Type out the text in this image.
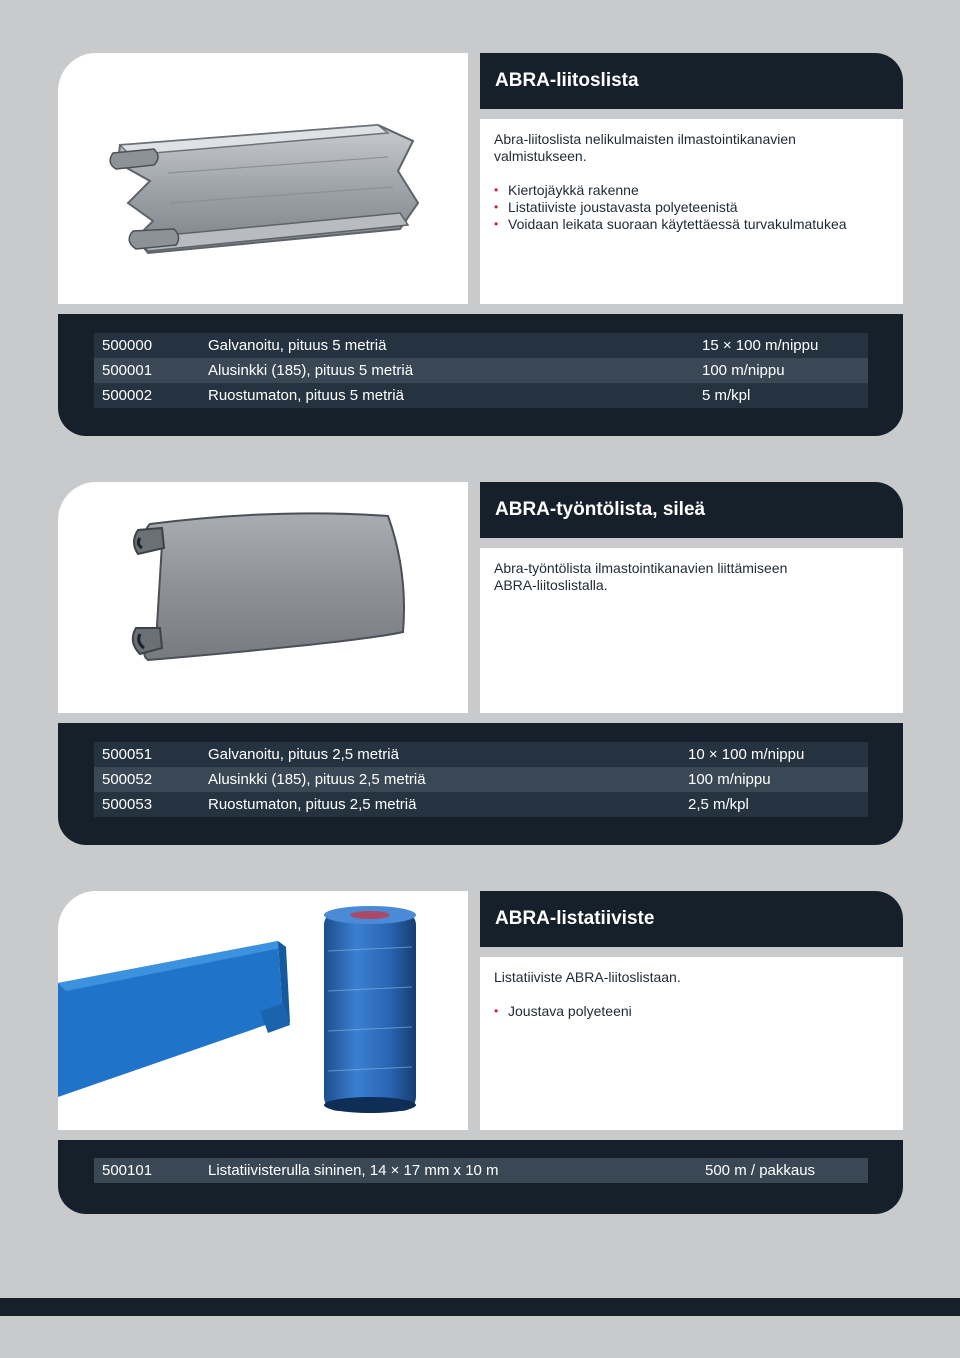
ABRA-liitoslista

Abra-liitoslista nelikulmaisten ilmastointikanavien valmistukseen.

• Kiertojäykkä rakenne
• Listatiiviste joustavasta polyeteenistä
• Voidaan leikata suoraan käytettäessä turvakulmatukea
500000	Galvanoitu, pituus 5 metriä	15 × 100 m/nippu
500001	Alusinkki (185), pituus 5 metriä	100 m/nippu
500002	Ruostumaton, pituus 5 metriä	5 m/kpl
ABRA-työntölista, sileä

Abra-työntölista ilmastointikanavien liittämiseen ABRA-liitoslistalla.

500051	Galvanoitu, pituus 2,5 metriä	10 × 100 m/nippu
500052	Alusinkki (185), pituus 2,5 metriä	100 m/nippu
500053	Ruostumaton, pituus 2,5 metriä	2,5 m/kpl
ABRA-listatiiviste

Listatiiviste ABRA-liitoslistaan.

• Joustava polyeteeni
500101	Listatiivisterulla sininen, 14 × 17 mm x 10 m	500 m / pakkaus
